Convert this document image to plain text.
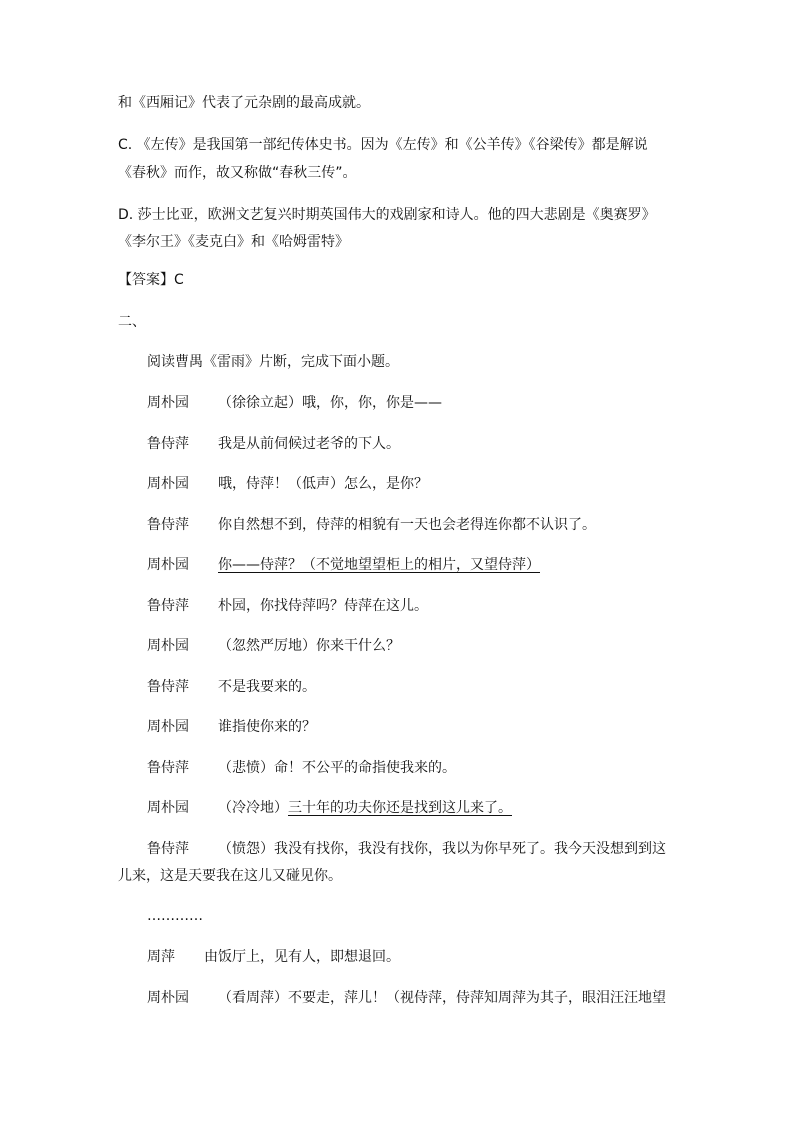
和《西厢记》代表了元杂剧的最高成就。
C. 《左传》是我国第一部纪传体史书。因为《左传》和《公羊传》《谷梁传》都是解说
《春秋》而作，故又称做“春秋三传”。
D. 莎士比亚，欧洲文艺复兴时期英国伟大的戏剧家和诗人。他的四大悲剧是《奥赛罗》
《李尔王》《麦克白》和《哈姆雷特》
【答案】C
二、
阅读曹禺《雷雨》片断，完成下面小题。
周朴园 （徐徐立起）哦，你，你，你是——
鲁侍萍 我是从前伺候过老爷的下人。
周朴园 哦，侍萍！（低声）怎么，是你？
鲁侍萍 你自然想不到，侍萍的相貌有一天也会老得连你都不认识了。
周朴园 你——侍萍？（不觉地望望柜上的相片，又望侍萍）
鲁侍萍 朴园，你找侍萍吗？侍萍在这儿。
周朴园 （忽然严厉地）你来干什么？
鲁侍萍 不是我要来的。
周朴园 谁指使你来的？
鲁侍萍 （悲愤）命！不公平的命指使我来的。
周朴园 （冷冷地）三十年的功夫你还是找到这儿来了。
鲁侍萍 （愤怨）我没有找你，我没有找你，我以为你早死了。我今天没想到到这
儿来，这是天要我在这儿又碰见你。
…………
周萍 由饭厅上，见有人，即想退回。
周朴园 （看周萍）不要走，萍儿！（视侍萍，侍萍知周萍为其子，眼泪汪汪地望
